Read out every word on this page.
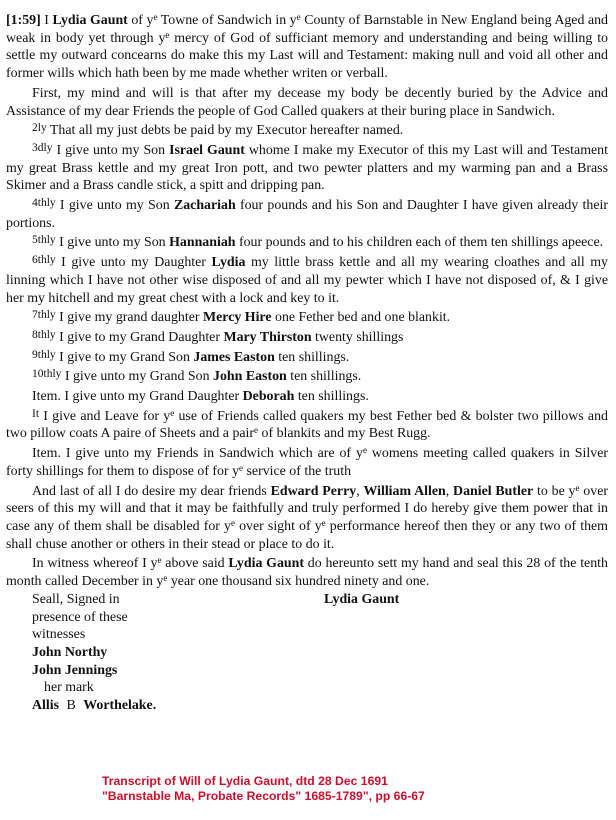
[1:59] I Lydia Gaunt of $y^e$ Towne of Sandwich in $y^e$ County of Barnstable in New England being Aged and weak in body yet through $y^e$ mercy of God of sufficiant memory and understanding and being willing to settle my outward concearns do make this my Last will and Testament: making null and void all other and former wills which hath been by me made whether writen or verball.

First, my mind and will is that after my decease my body be decently buried by the Advice and Assistance of my dear Friends the people of God Called quakers at their buring place in Sandwich.

$^{2ly}$ That all my just debts be paid by my Executor hereafter named.

$^{3dly}$ I give unto my Son Israel Gaunt whome I make my Executor of this my Last will and Testament my great Brass kettle and my great Iron pott, and two pewter platters and my warming pan and a Brass Skimer and a Brass candle stick, a spitt and dripping pan.

$^{4thly}$ I give unto my Son Zachariah four pounds and his Son and Daughter I have given already their portions.

$^{5thly}$ I give unto my Son Hannaniah four pounds and to his children each of them ten shillings apeece.

$^{6thly}$ I give unto my Daughter Lydia my little brass kettle and all my wearing cloathes and all my linning which I have not other wise disposed of and all my pewter which I have not disposed of, & I give her my hitchell and my great chest with a lock and key to it.

$^{7thly}$ I give my grand daughter Mercy Hire one Fether bed and one blankit.

$^{8thly}$ I give to my Grand Daughter Mary Thirston twenty shillings

$^{9thly}$ I give to my Grand Son James Easton ten shillings.

$^{10thly}$ I give unto my Grand Son John Easton ten shillings.

Item. I give unto my Grand Daughter Deborah ten shillings.

$^{It}$ I give and Leave for $y^e$ use of Friends called quakers my best Fether bed & bolster two pillows and two pillow coats A paire of Sheets and a pair$^e$ of blankits and my Best Rugg.

Item. I give unto my Friends in Sandwich which are of $y^e$ womens meeting called quakers in Silver forty shillings for them to dispose of for $y^e$ service of the truth

And last of all I do desire my dear friends Edward Perry, William Allen, Daniel Butler to be $y^e$ over seers of this my will and that it may be faithfully and truly performed I do hereby give them power that in case any of them shall be disabled for $y^e$ over sight of $y^e$ performance hereof then they or any two of them shall chuse another or others in their stead or place to do it.

In witness whereof I $y^e$ above said Lydia Gaunt do hereunto sett my hand and seal this 28 of the tenth month called December in $y^e$ year one thousand six hundred ninety and one.

Seall, Signed in
presence of these
witnesses
John Northy
John Jennings
her mark
Allis B Worthelake.
Lydia Gaunt
Transcript of Will of Lydia Gaunt, dtd 28 Dec 1691
"Barnstable Ma, Probate Records" 1685-1789", pp 66-67
